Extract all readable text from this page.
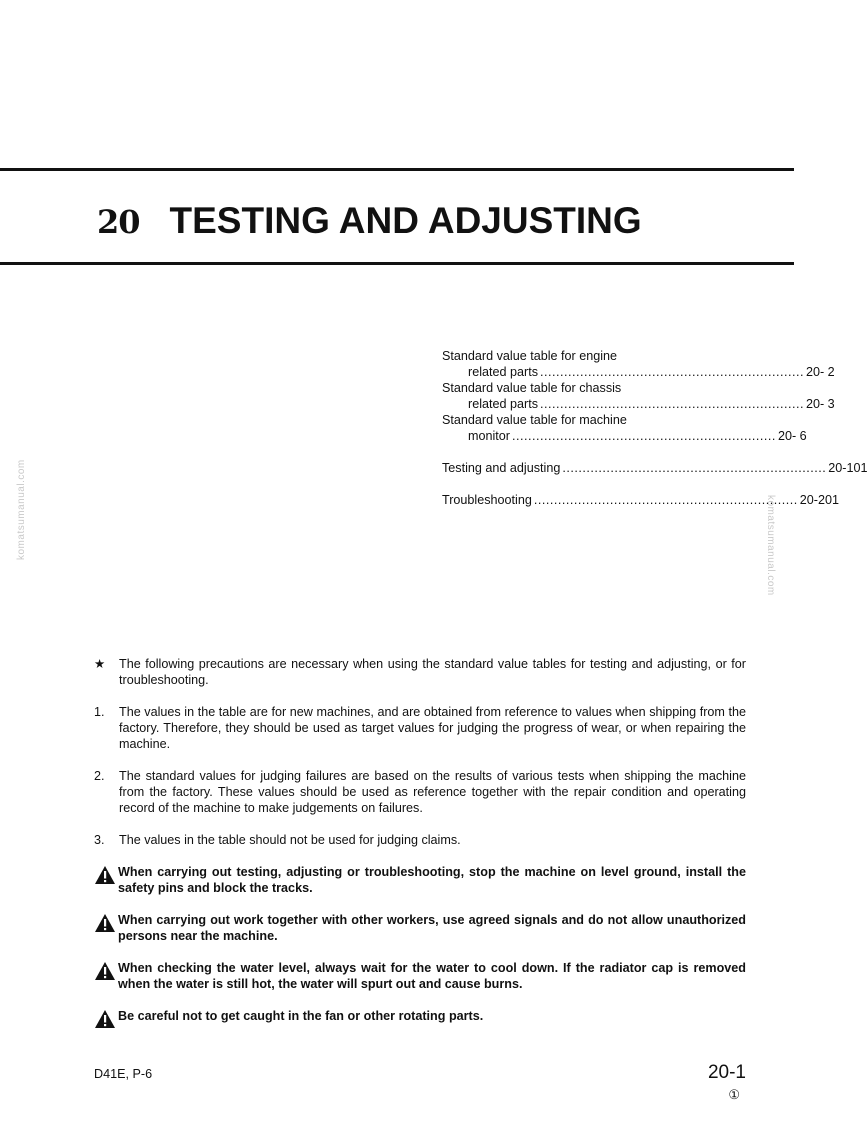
20 TESTING AND ADJUSTING
Standard value table for engine
related parts .................................................................. 20- 2
Standard value table for chassis
related parts .................................................................. 20- 3
Standard value table for machine
monitor .................................................................. 20- 6
Testing and adjusting .................................................................. 20-101
Troubleshooting .................................................................. 20-201
komatsumanual.com	komatsumanual.com
★	The following precautions are necessary when using the standard value tables for testing and adjusting, or for troubleshooting.
1.	The values in the table are for new machines, and are obtained from reference to values when shipping from the factory. Therefore, they should be used as target values for judging the progress of wear, or when repairing the machine.
2.	The standard values for judging failures are based on the results of various tests when shipping the machine from the factory. These values should be used as reference together with the repair condition and operating record of the machine to make judgements on failures.
3.	The values in the table should not be used for judging claims.
When carrying out testing, adjusting or troubleshooting, stop the machine on level ground, install the safety pins and block the tracks.
When carrying out work together with other workers, use agreed signals and do not allow unauthorized persons near the machine.
When checking the water level, always wait for the water to cool down. If the radiator cap is removed when the water is still hot, the water will spurt out and cause burns.
Be careful not to get caught in the fan or other rotating parts.
D41E, P-6	20-1
①
